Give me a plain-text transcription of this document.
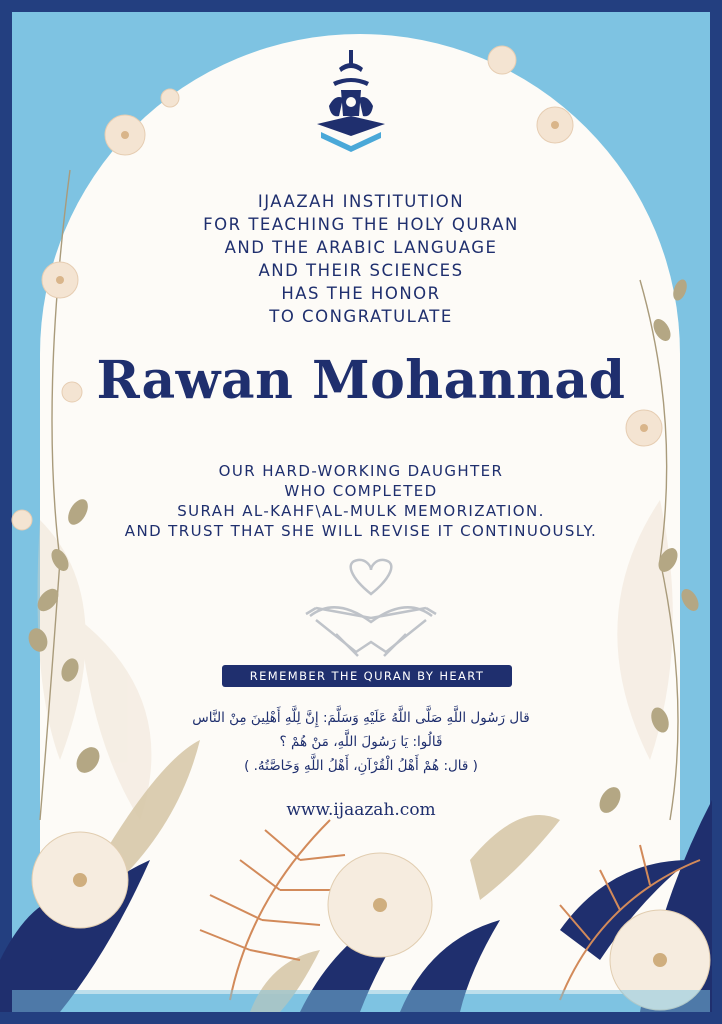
IJAAZAH INSTITUTION
FOR TEACHING THE HOLY QURAN
AND THE ARABIC LANGUAGE
AND THEIR SCIENCES
HAS THE HONOR
TO CONGRATULATE
Rawan Mohannad
OUR HARD-WORKING DAUGHTER
WHO COMPLETED
SURAH AL-KAHF\AL-MULK MEMORIZATION.
AND TRUST THAT SHE WILL REVISE IT CONTINUOUSLY.
REMEMBER THE QURAN BY HEART
قال رَسُول اللَّهِ صَلَّى اللَّهُ عَلَيْهِ وَسَلَّمَ: إِنَّ لِلَّهِ أَهْلِينَ مِنْ النَّاس
قَالُوا: يَا رَسُولَ اللَّهِ، مَنْ هُمْ ؟
( قال: هُمْ أَهْلُ الْقُرْآنِ، أَهْلُ اللَّهِ وَخَاصَّتُهُ. )
www.ijaazah.com
